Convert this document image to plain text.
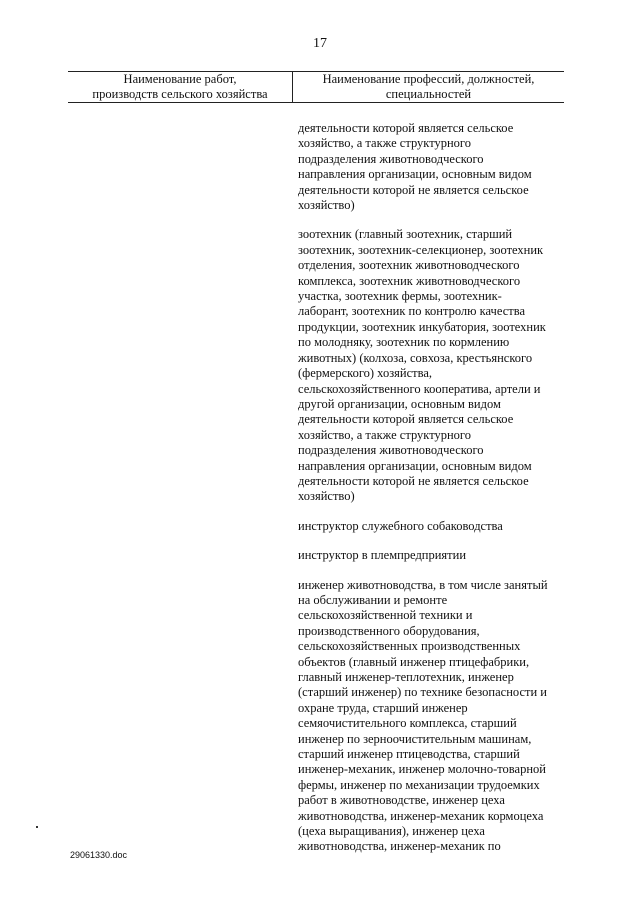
17
Наименование работ,
производств сельского хозяйства
Наименование профессий, должностей,
специальностей
деятельности которой является сельское
хозяйство, а также структурного
подразделения животноводческого
направления организации, основным видом
деятельности которой не является сельское
хозяйство)
зоотехник (главный зоотехник, старший
зоотехник, зоотехник-селекционер, зоотехник
отделения, зоотехник животноводческого
комплекса, зоотехник животноводческого
участка, зоотехник фермы, зоотехник-
лаборант, зоотехник по контролю качества
продукции, зоотехник инкубатория, зоотехник
по молодняку, зоотехник по кормлению
животных) (колхоза, совхоза, крестьянского
(фермерского) хозяйства,
сельскохозяйственного кооператива, артели и
другой организации, основным видом
деятельности которой является сельское
хозяйство, а также структурного
подразделения животноводческого
направления организации, основным видом
деятельности которой не является сельское
хозяйство)
инструктор служебного собаководства
инструктор в племпредприятии
инженер животноводства, в том числе занятый
на обслуживании и ремонте
сельскохозяйственной техники и
производственного оборудования,
сельскохозяйственных производственных
объектов (главный инженер птицефабрики,
главный инженер-теплотехник, инженер
(старший инженер) по технике безопасности и
охране труда, старший инженер
семяочистительного комплекса, старший
инженер по зерноочистительным машинам,
старший инженер птицеводства, старший
инженер-механик, инженер молочно-товарной
фермы, инженер по механизации трудоемких
работ в животноводстве, инженер цеха
животноводства, инженер-механик кормоцеха
(цеха выращивания), инженер цеха
животноводства, инженер-механик по
29061330.doc
